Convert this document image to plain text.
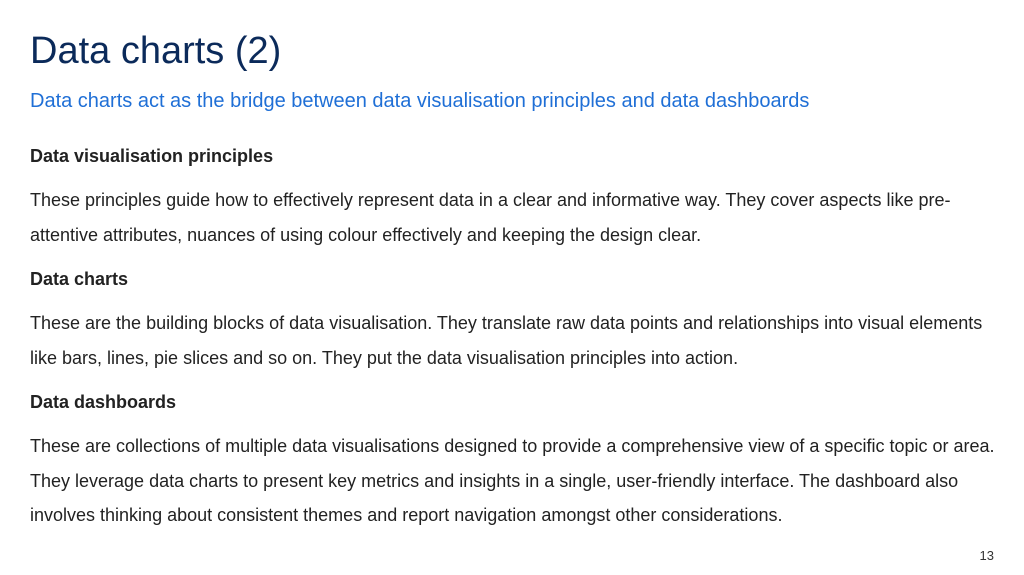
Data charts (2)

Data charts act as the bridge between data visualisation principles and data dashboards

Data visualisation principles

These principles guide how to effectively represent data in a clear and informative way. They cover aspects like pre-attentive attributes, nuances of using colour effectively and keeping the design clear.

Data charts

These are the building blocks of data visualisation. They translate raw data points and relationships into visual elements like bars, lines, pie slices and so on. They put the data visualisation principles into action.

Data dashboards

These are collections of multiple data visualisations designed to provide a comprehensive view of a specific topic or area. They leverage data charts to present key metrics and insights in a single, user-friendly interface. The dashboard also involves thinking about consistent themes and report navigation amongst other considerations.

13
